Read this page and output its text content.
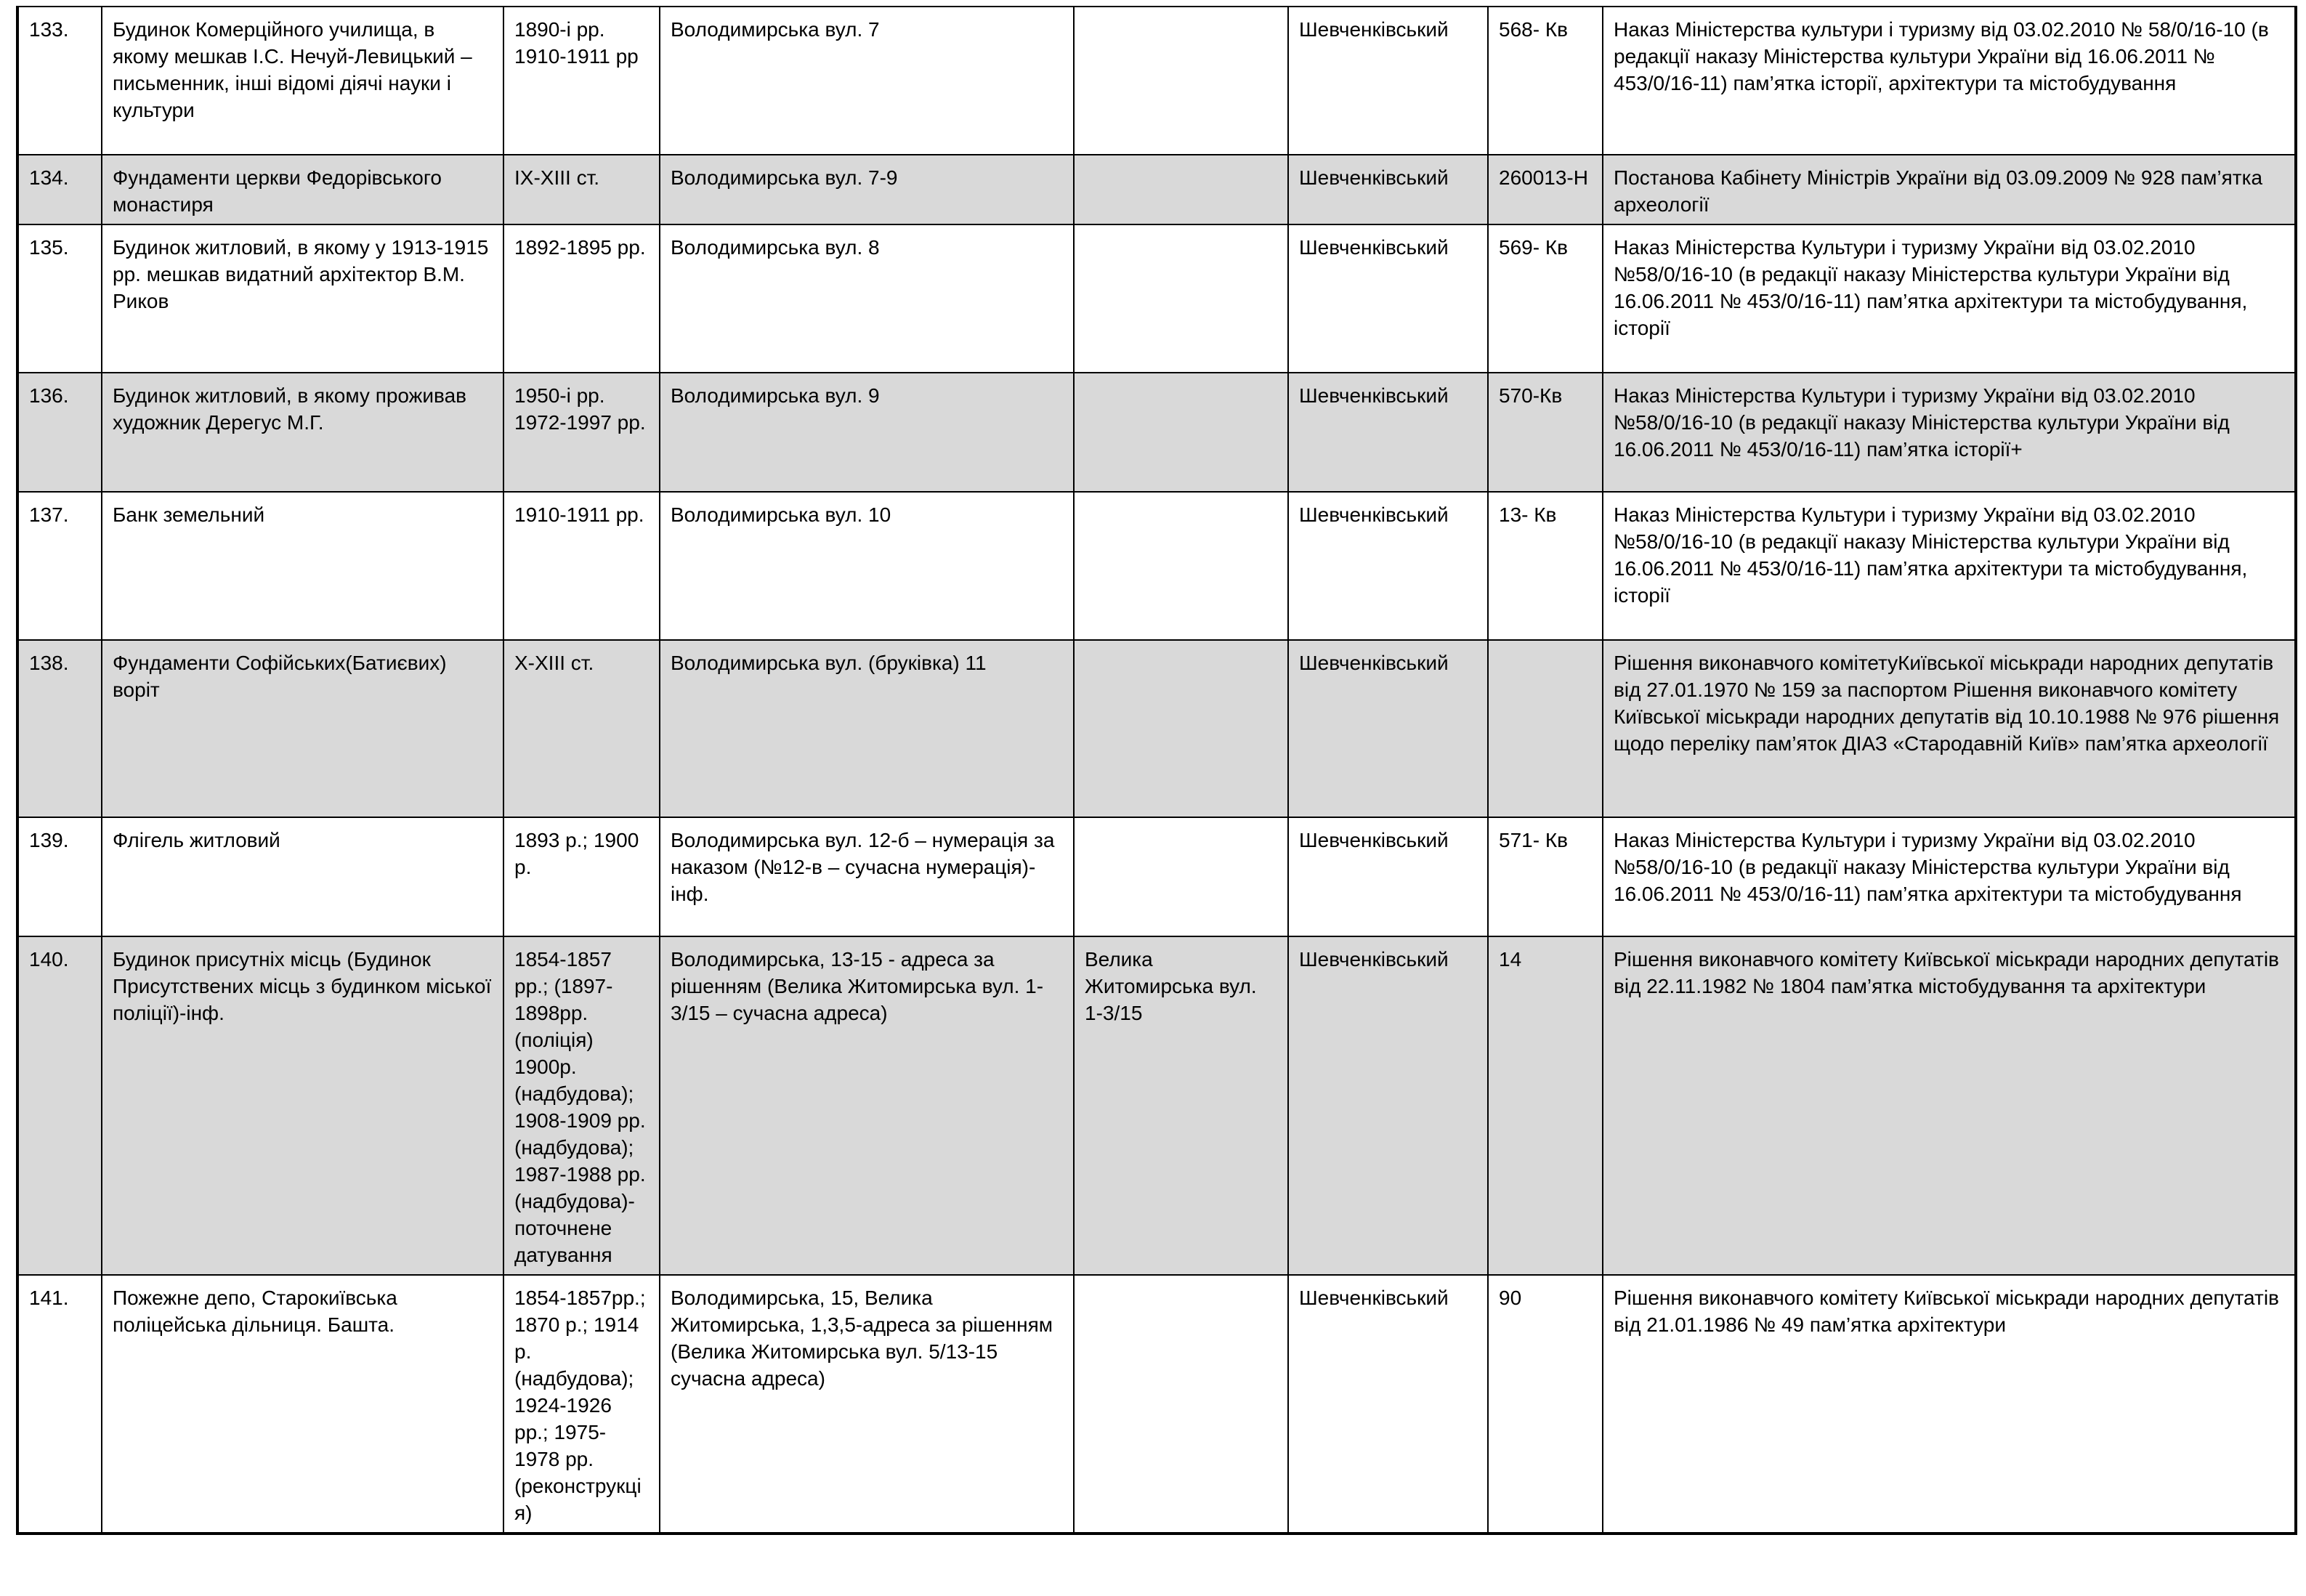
133.	Будинок Комерційного училища, в якому мешкав І.С. Нечуй-Левицький – письменник, інші відомі діячі науки і культури	1890-і рр. 1910-1911 рр	Володимирська вул. 7		Шевченківський	568- Кв	Наказ Міністерства культури і туризму від 03.02.2010 № 58/0/16-10 (в редакції наказу Міністерства культури України від 16.06.2011 № 453/0/16-11) пам’ятка історії, архітектури та містобудування
134.	Фундаменти церкви Федорівського монастиря	ІХ-ХІІІ ст.	Володимирська вул. 7-9		Шевченківський	260013-Н	Постанова Кабінету Міністрів України від 03.09.2009 № 928 пам’ятка археології
135.	Будинок житловий, в якому у 1913-1915 рр. мешкав видатний архітектор В.М. Риков	1892-1895 рр.	Володимирська вул. 8		Шевченківський	569- Кв	Наказ Міністерства Культури і туризму України від 03.02.2010 №58/0/16-10 (в редакції наказу Міністерства культури України від 16.06.2011 № 453/0/16-11) пам’ятка архітектури та містобудування, історії
136.	Будинок житловий, в якому проживав художник Дерегус М.Г.	1950-і рр. 1972-1997 рр.	Володимирська вул. 9		Шевченківський	570-Кв	Наказ Міністерства Культури і туризму України від 03.02.2010 №58/0/16-10 (в редакції наказу Міністерства культури України від 16.06.2011 № 453/0/16-11) пам’ятка історії+
137.	Банк земельний	1910-1911 рр.	Володимирська вул. 10		Шевченківський	13- Кв	Наказ Міністерства Культури і туризму України від 03.02.2010 №58/0/16-10 (в редакції наказу Міністерства культури України від 16.06.2011 № 453/0/16-11) пам’ятка архітектури та містобудування, історії
138.	Фундаменти Софійських(Батиєвих) воріт	Х-ХІІІ ст.	Володимирська вул. (бруківка) 11		Шевченківський		Рішення виконавчого комітетуКиївської міськради народних депутатів від 27.01.1970 № 159 за паспортом Рішення виконавчого комітету Київської міськради народних депутатів від 10.10.1988 № 976 рішення щодо переліку пам’яток ДІАЗ «Стародавній Київ» пам’ятка археології
139.	Флігель житловий	1893 р.; 1900 р.	Володимирська вул. 12-б – нумерація за наказом (№12-в – сучасна нумерація)-інф.		Шевченківський	571- Кв	Наказ Міністерства Культури і туризму України від 03.02.2010 №58/0/16-10 (в редакції наказу Міністерства культури України від 16.06.2011 № 453/0/16-11) пам’ятка архітектури та містобудування
140.	Будинок присутніх місць (Будинок Присутствених місць з будинком міської поліції)-інф.	1854-1857 рр.; (1897-1898рр. (поліція) 1900р. (надбудова); 1908-1909 рр. (надбудова); 1987-1988 рр. (надбудова)-поточнене датування	Володимирська, 13-15 - адреса за рішенням (Велика Житомирська вул. 1-3/15 – сучасна адреса)	Велика Житомирська вул. 1-3/15	Шевченківський	14	Рішення виконавчого комітету Київської міськради народних депутатів від 22.11.1982 № 1804 пам’ятка містобудування та архітектури
141.	Пожежне депо, Старокиївська поліцейська дільниця. Башта.	1854-1857рр.; 1870 р.; 1914 р. (надбудова); 1924-1926 рр.; 1975-1978 рр. (реконструкція)	Володимирська, 15, Велика Житомирська, 1,3,5-адреса за рішенням (Велика Житомирська вул. 5/13-15 сучасна адреса)		Шевченківський	90	Рішення виконавчого комітету Київської міськради народних депутатів від 21.01.1986 № 49 пам’ятка архітектури
